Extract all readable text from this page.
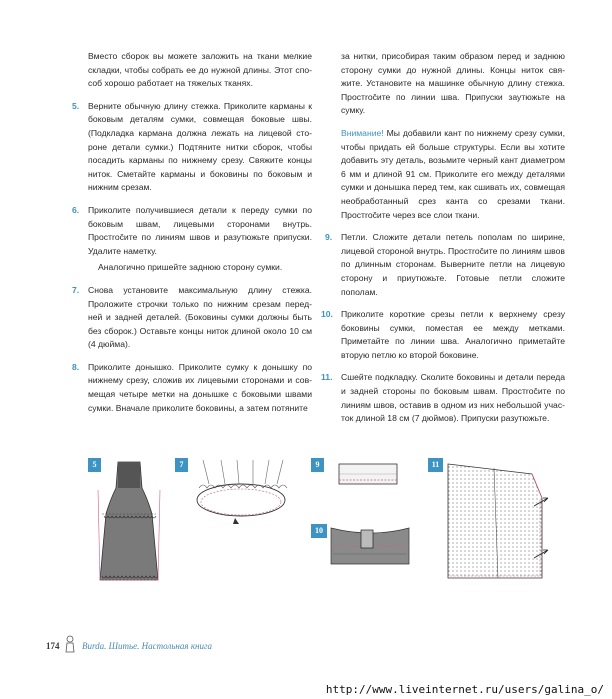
Вместо сборок вы можете заложить на ткани мелкие складки, чтобы собрать ее до нужной длины. Этот спо- соб хорошо работает на тяжелых тканях.

5. Верните обычную длину стежка. Приколите карманы к боковым деталям сумки, совмещая боковые швы. (Подкладка кармана должна лежать на лицевой сто- роне детали сумки.) Подтяните нитки сборок, чтобы посадить карманы по нижнему срезу. Свяжите концы ниток. Сметайте карманы и боковины по боковым и нижним срезам.
6. Приколите получившиеся детали к переду сумки по боковым швам, лицевыми сторонами внутрь. Простročите по линиям швов и разутюжьте припуски. Удалите наметку.

Аналогично пришейте заднюю сторону сумки.

7. Снова установите максимальную длину стежка. Проложите строчки только по нижним срезам перед- ней и задней деталей. (Боковины сумки должны быть без сборок.) Оставьте концы ниток длиной около 10 см (4 дюйма).
8. Приколите донышко. Приколите сумку к донышку по нижнему срезу, сложив их лицевыми сторонами и сов- мещая четыре метки на донышке с боковыми швами сумки. Вначале приколите боковины, а затем потяните

за нитки, присобирая таким образом перед и заднюю сторону сумки до нужной длины. Концы ниток свя- жите. Установите на машинке обычную длину стежка. Простročите по линии шва. Припуски заутюжьте на сумку.

Внимание! Мы добавили кант по нижнему срезу сумки, чтобы придать ей больше структуры. Если вы хотите добавить эту деталь, возьмите черный кант диаметром 6 мм и длиной 91 см. Приколите его между деталями сумки и донышка перед тем, как сшивать их, совмещая необработанный срез канта со срезами ткани. Простročите через все слои ткани.

9. Петли. Сложите детали петель пополам по ширине, лицевой стороной внутрь. Простročите по линиям швов по длинным сторонам. Выверните петли на лицевую сторону и приутюжьте. Готовые петли сложите пополам.
10. Приколите короткие срезы петли к верхнему срезу боковины сумки, поместая ее между метками. Приметайте по линии шва. Аналогично приметайте вторую петлю ко второй боковине.
11. Сшейте подкладку. Сколите боковины и детали переда и задней стороны по боковым швам. Простročите по линиям швов, оставив в одном из них небольшой учас- ток длиной 18 см (7 дюймов). Припуски разутюжьте.
5	7	9
10
11
174	Burda. Шитье. Настольная книга
http://www.liveinternet.ru/users/galina_o/
